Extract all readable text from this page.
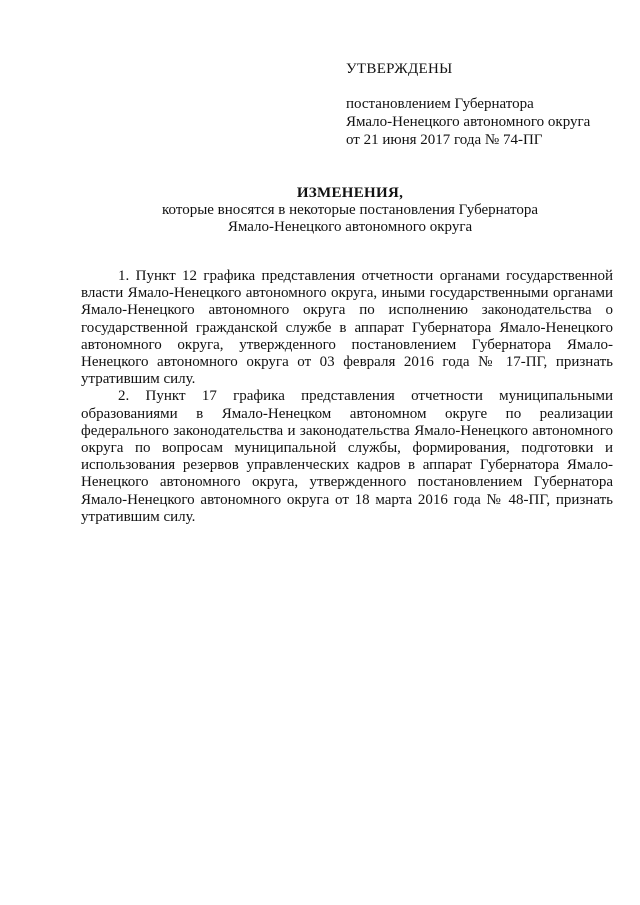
УТВЕРЖДЕНЫ
постановлением Губернатора
Ямало-Ненецкого автономного округа
от 21 июня 2017 года № 74-ПГ
ИЗМЕНЕНИЯ,
которые вносятся в некоторые постановления Губернатора
Ямало-Ненецкого автономного округа

1. Пункт 12 графика представления отчетности органами государственной власти Ямало-Ненецкого автономного округа, иными государственными органами Ямало-Ненецкого автономного округа по исполнению законодательства о государственной гражданской службе в аппарат Губернатора Ямало-Ненецкого автономного округа, утвержденного постановлением Губернатора Ямало-Ненецкого автономного округа от 03 февраля 2016 года № 17-ПГ, признать утратившим силу.

2. Пункт 17 графика представления отчетности муниципальными образованиями в Ямало-Ненецком автономном округе по реализации федерального законодательства и законодательства Ямало-Ненецкого автономного округа по вопросам муниципальной службы, формирования, подготовки и использования резервов управленческих кадров в аппарат Губернатора Ямало-Ненецкого автономного округа, утвержденного постановлением Губернатора Ямало-Ненецкого автономного округа от 18 марта 2016 года № 48-ПГ, признать утратившим силу.
